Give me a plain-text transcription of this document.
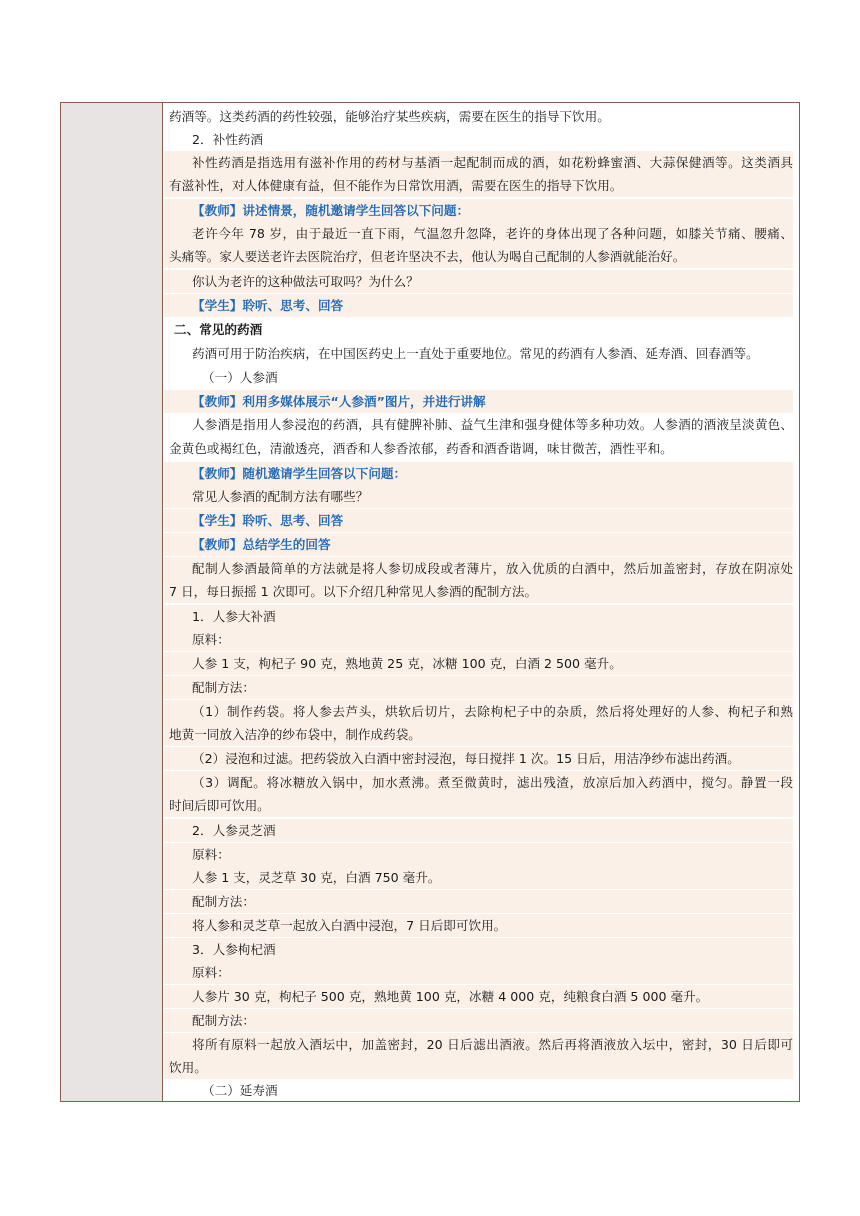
药酒等。这类药酒的药性较强，能够治疗某些疾病，需要在医生的指导下饮用。
2．补性药酒
补性药酒是指选用有滋补作用的药材与基酒一起配制而成的酒，如花粉蜂蜜酒、大蒜保健酒等。这类酒具
有滋补性，对人体健康有益，但不能作为日常饮用酒，需要在医生的指导下饮用。
【教师】讲述情景，随机邀请学生回答以下问题：
老许今年 78 岁，由于最近一直下雨，气温忽升忽降，老许的身体出现了各种问题，如膝关节痛、腰痛、
头痛等。家人要送老许去医院治疗，但老许坚决不去，他认为喝自己配制的人参酒就能治好。
你认为老许的这种做法可取吗？为什么？
【学生】聆听、思考、回答
二、常见的药酒
药酒可用于防治疾病，在中国医药史上一直处于重要地位。常见的药酒有人参酒、延寿酒、回春酒等。
（一）人参酒
【教师】利用多媒体展示“人参酒”图片，并进行讲解
人参酒是指用人参浸泡的药酒，具有健脾补肺、益气生津和强身健体等多种功效。人参酒的酒液呈淡黄色、
金黄色或褐红色，清澈透亮，酒香和人参香浓郁，药香和酒香谐调，味甘微苦，酒性平和。
【教师】随机邀请学生回答以下问题：
常见人参酒的配制方法有哪些？
【学生】聆听、思考、回答
【教师】总结学生的回答
配制人参酒最简单的方法就是将人参切成段或者薄片，放入优质的白酒中，然后加盖密封，存放在阴凉处
7 日，每日振摇 1 次即可。以下介绍几种常见人参酒的配制方法。
1．人参大补酒
原料：
人参 1 支，枸杞子 90 克，熟地黄 25 克，冰糖 100 克，白酒 2 500 毫升。
配制方法：
（1）制作药袋。将人参去芦头，烘软后切片，去除枸杞子中的杂质，然后将处理好的人参、枸杞子和熟
地黄一同放入洁净的纱布袋中，制作成药袋。
（2）浸泡和过滤。把药袋放入白酒中密封浸泡，每日搅拌 1 次。15 日后，用洁净纱布滤出药酒。
（3）调配。将冰糖放入锅中，加水煮沸。煮至微黄时，滤出残渣，放凉后加入药酒中，搅匀。静置一段
时间后即可饮用。
2．人参灵芝酒
原料：
人参 1 支，灵芝草 30 克，白酒 750 毫升。
配制方法：
将人参和灵芝草一起放入白酒中浸泡，7 日后即可饮用。
3．人参枸杞酒
原料：
人参片 30 克，枸杞子 500 克，熟地黄 100 克，冰糖 4 000 克，纯粮食白酒 5 000 毫升。
配制方法：
将所有原料一起放入酒坛中，加盖密封，20 日后滤出酒液。然后再将酒液放入坛中，密封，30 日后即可
饮用。
（二）延寿酒
